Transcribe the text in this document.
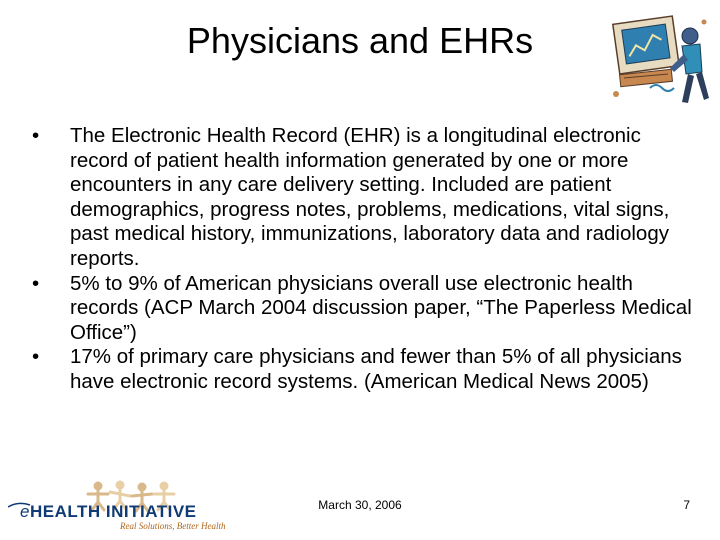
Physicians and EHRs
•	The Electronic Health Record (EHR) is a longitudinal electronic record of patient health information generated by one or more encounters in any care delivery setting. Included are patient demographics, progress notes, problems, medications, vital signs, past medical history, immunizations, laboratory data and radiology reports.
•	5% to 9% of American physicians overall use electronic health records (ACP March 2004 discussion paper, “The Paperless Medical Office”)
•	17% of primary care physicians and fewer than 5% of all physicians have electronic record systems. (American Medical News 2005)
eHEALTH INITIATIVE
Real Solutions, Better Health
March 30, 2006	7
